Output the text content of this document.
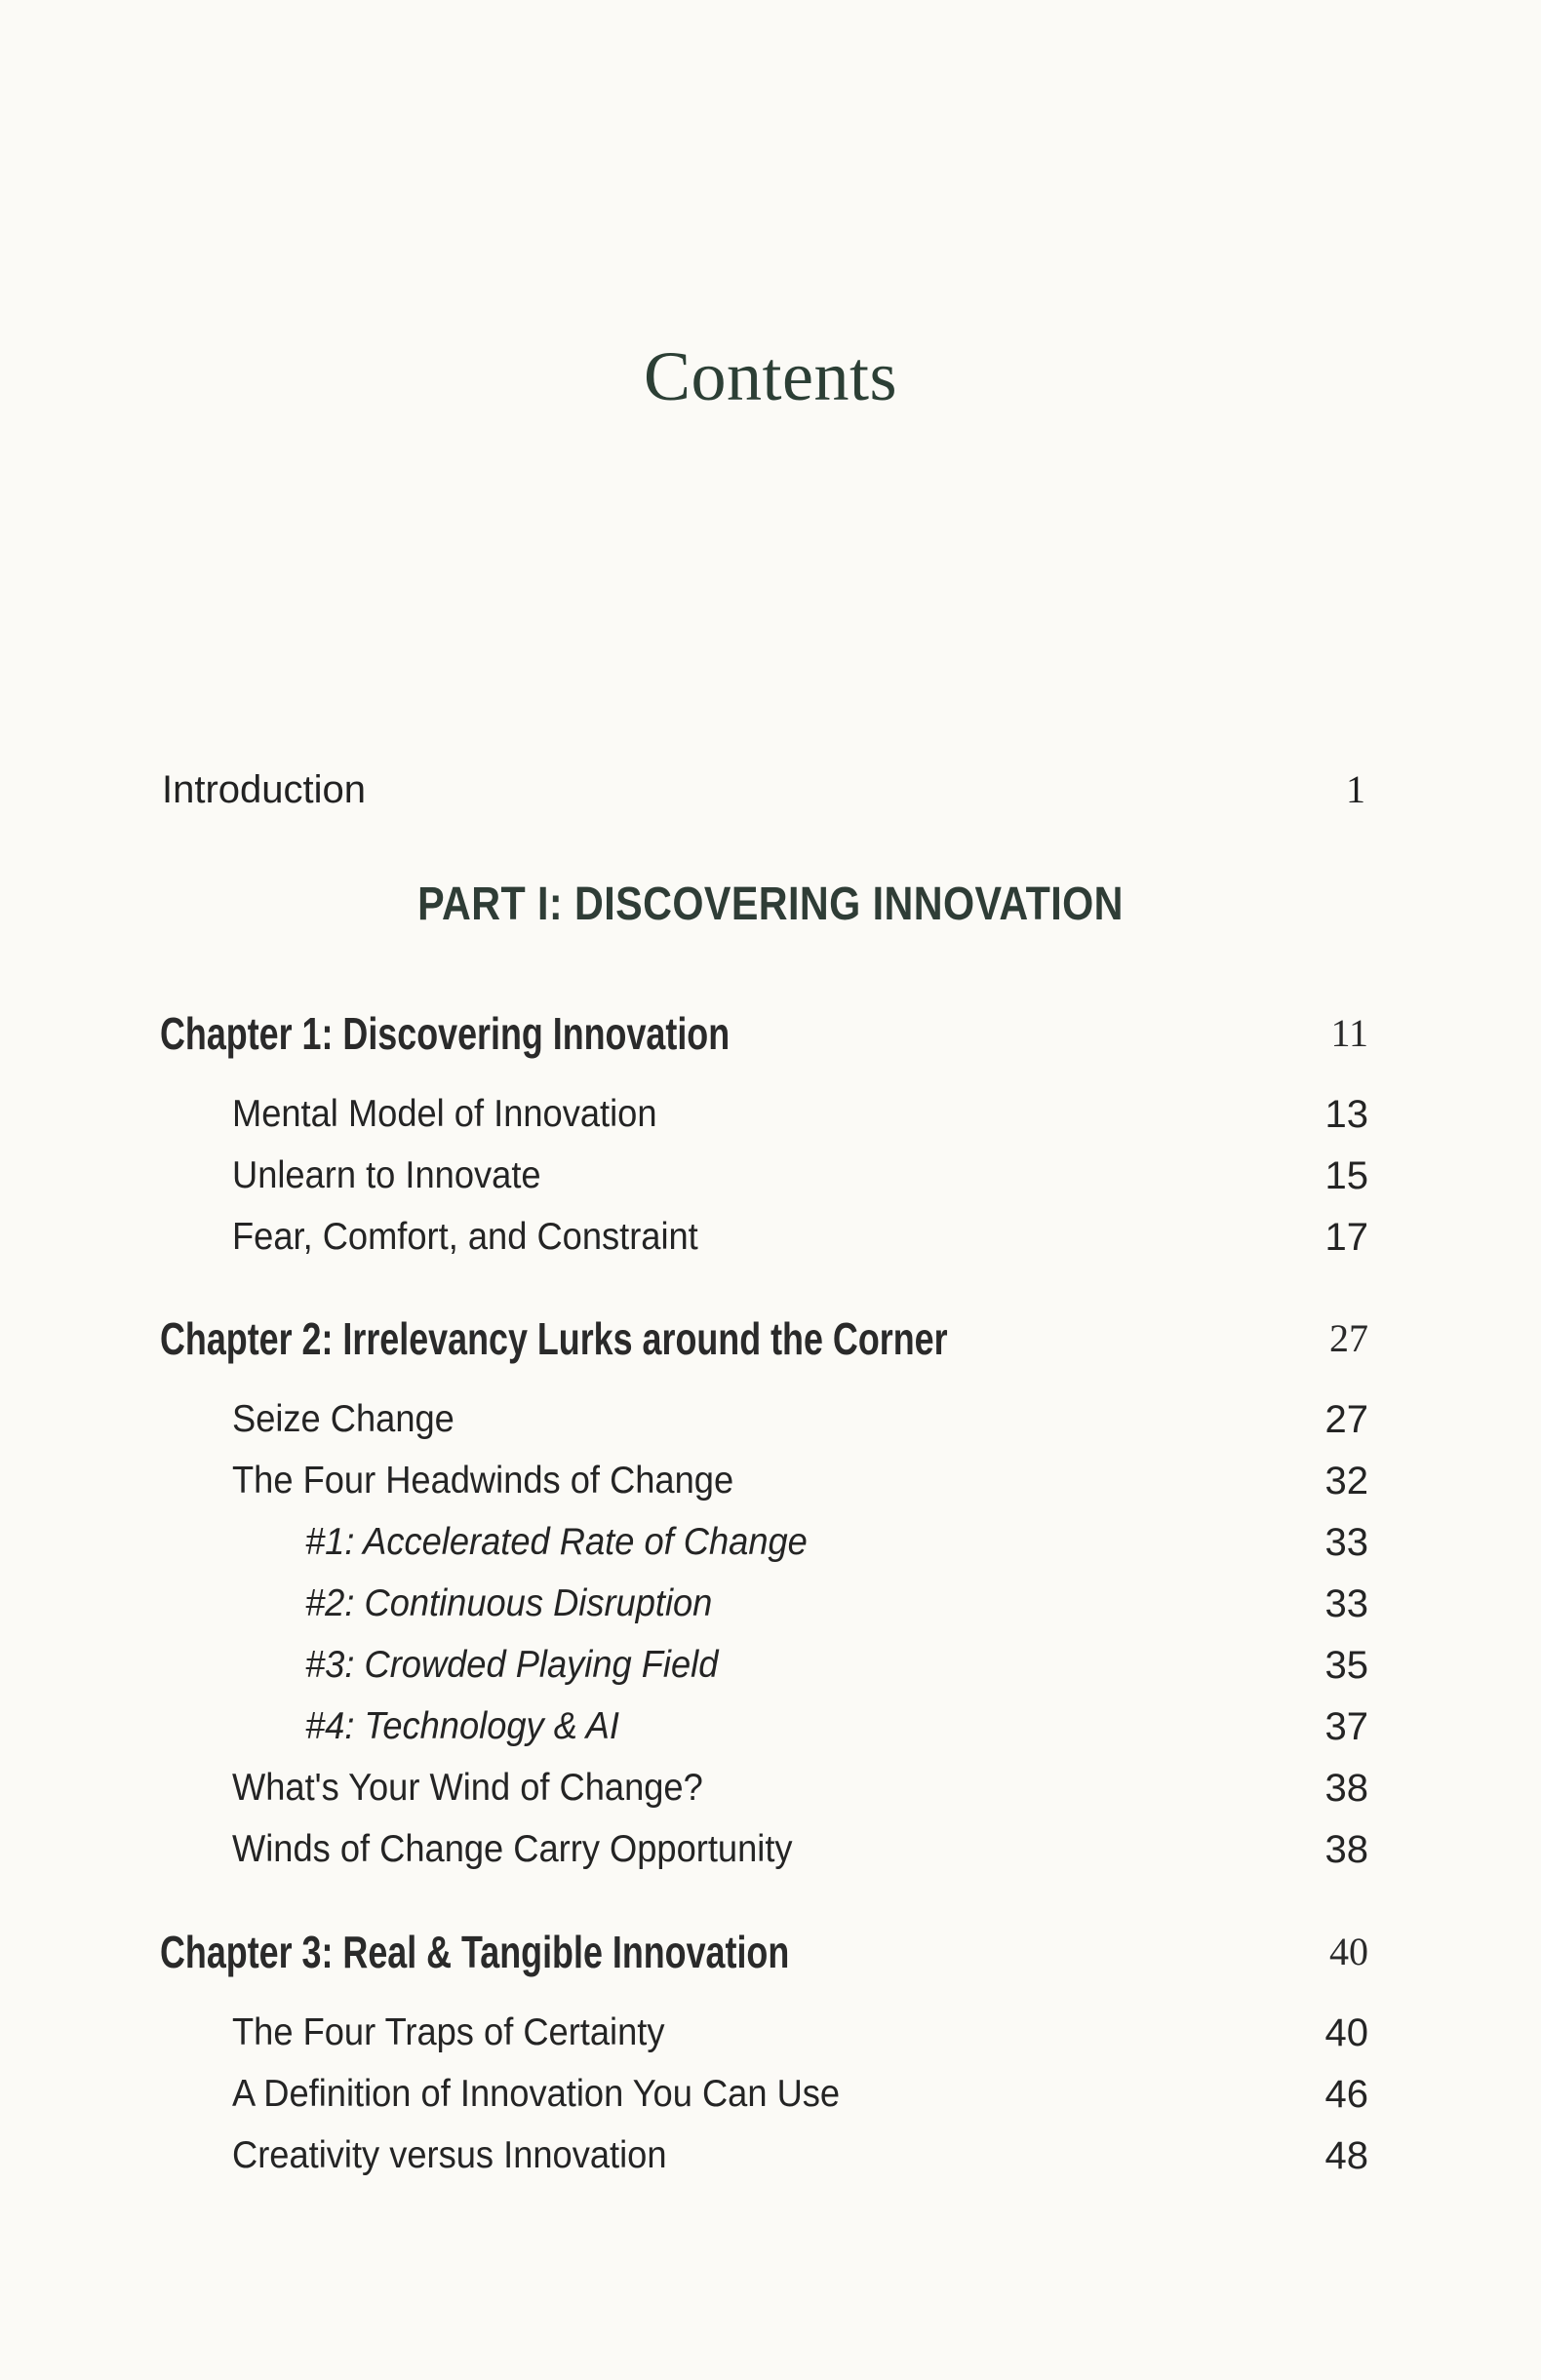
Contents
Introduction	1
PART I: DISCOVERING INNOVATION
Chapter 1: Discovering Innovation	11
Mental Model of Innovation	13
Unlearn to Innovate	15
Fear, Comfort, and Constraint	17
Chapter 2: Irrelevancy Lurks around the Corner	27
Seize Change	27
The Four Headwinds of Change	32
#1: Accelerated Rate of Change	33
#2: Continuous Disruption	33
#3: Crowded Playing Field	35
#4: Technology & AI	37
What's Your Wind of Change?	38
Winds of Change Carry Opportunity	38
Chapter 3: Real & Tangible Innovation	40
The Four Traps of Certainty	40
A Definition of Innovation You Can Use	46
Creativity versus Innovation	48
